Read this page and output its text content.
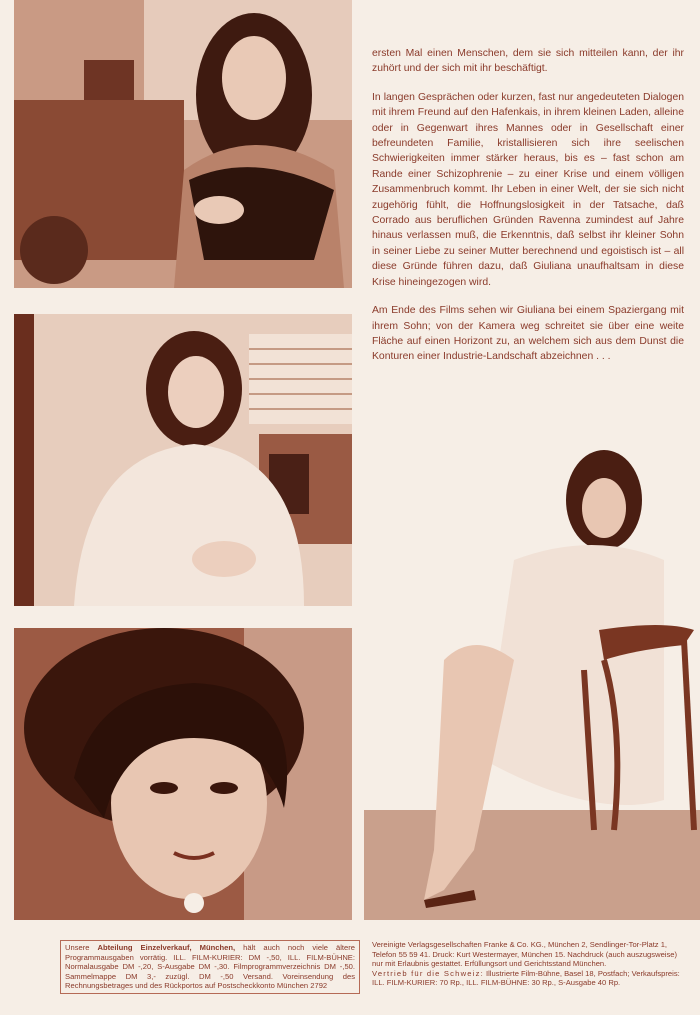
ersten Mal einen Menschen, dem sie sich mitteilen kann, der ihr zuhört und der sich mit ihr beschäftigt.

In langen Gesprächen oder kurzen, fast nur angedeuteten Dialogen mit ihrem Freund auf den Hafenkais, in ihrem kleinen Laden, alleine oder in Gegenwart ihres Mannes oder in Gesellschaft einer befreundeten Familie, kristallisieren sich ihre seelischen Schwierigkeiten immer stärker heraus, bis es – fast schon am Rande einer Schizophrenie – zu einer Krise und einem völligen Zusammenbruch kommt. Ihr Leben in einer Welt, der sie sich nicht zugehörig fühlt, die Hoffnungslosigkeit in der Tatsache, daß Corrado aus beruflichen Gründen Ravenna zumindest auf Jahre hinaus verlassen muß, die Erkenntnis, daß selbst ihr kleiner Sohn in seiner Liebe zu seiner Mutter berechnend und egoistisch ist – all diese Gründe führen dazu, daß Giuliana unaufhaltsam in diese Krise hineingezogen wird.

Am Ende des Films sehen wir Giuliana bei einem Spaziergang mit ihrem Sohn; von der Kamera weg schreitet sie über eine weite Fläche auf einen Horizont zu, an welchem sich aus dem Dunst die Konturen einer Industrie-Landschaft abzeichnen . . .

Unsere Abteilung Einzelverkauf, München, hält auch noch viele ältere Programmausgaben vorrätig. ILL. FILM-KURIER: DM -,50, ILL. FILM-BÜHNE: Normalausgabe DM -,20, S-Ausgabe DM -,30. Filmprogrammverzeichnis DM -,50. Sammelmappe DM 3,- zuzügl. DM -,50 Versand. Voreinsendung des Rechnungsbetrages und des Rückportos auf Postscheckkonto München 2792
Vereinigte Verlagsgesellschaften Franke & Co. KG., München 2, Sendlinger-Tor-Platz 1, Telefon 55 59 41. Druck: Kurt Westermayer, München 15. Nachdruck (auch auszugsweise) nur mit Erlaubnis gestattet. Erfüllungsort und Gerichtsstand München.
Vertrieb für die Schweiz: Illustrierte Film-Bühne, Basel 18, Postfach; Verkaufspreis: ILL. FILM-KURIER: 70 Rp., ILL. FILM-BÜHNE: 30 Rp., S-Ausgabe 40 Rp.
